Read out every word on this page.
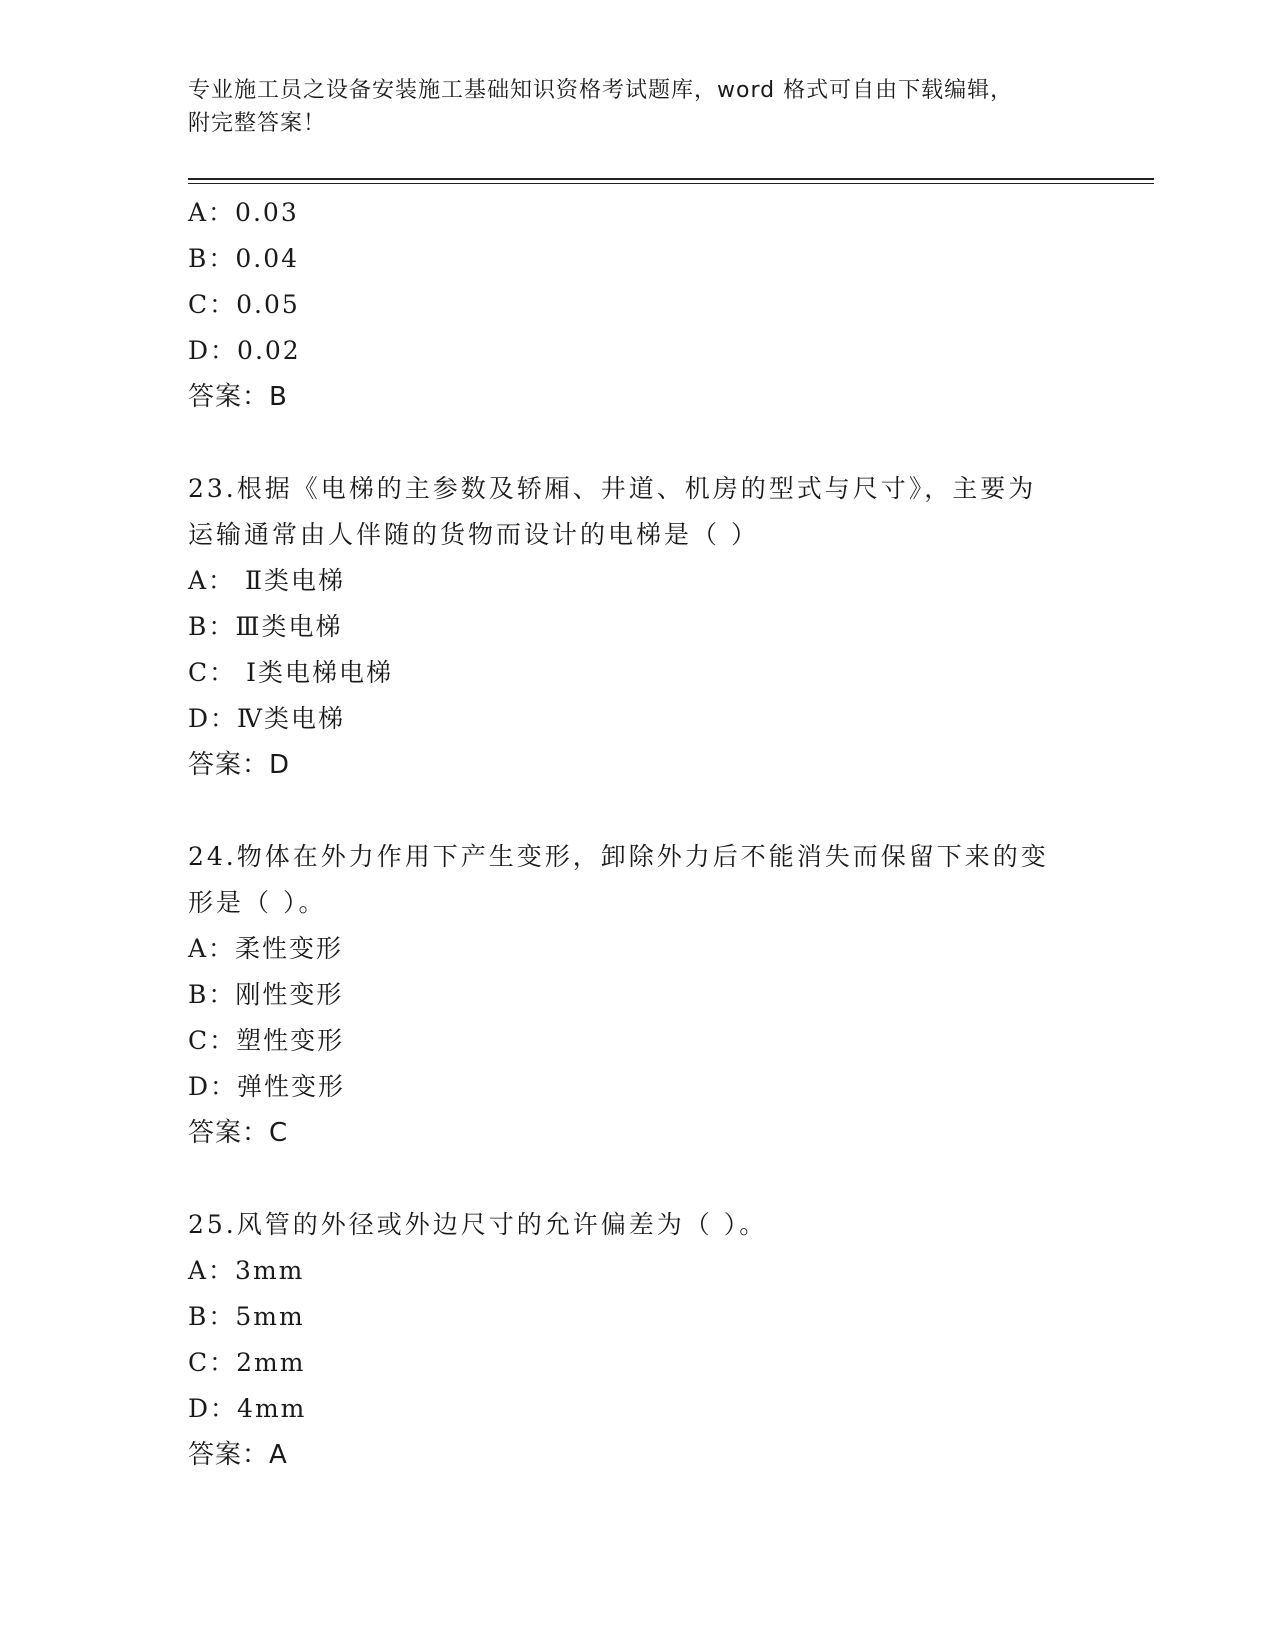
专业施工员之设备安装施工基础知识资格考试题库，word 格式可自由下载编辑，
附完整答案！
A：0.03
B：0.04
C：0.05
D：0.02
答案：B
23.根据《电梯的主参数及轿厢、井道、机房的型式与尺寸》，主要为
运输通常由人伴随的货物而设计的电梯是（ ）
A： Ⅱ类电梯
B：Ⅲ类电梯
C： Ⅰ类电梯电梯
D：Ⅳ类电梯
答案：D
24.物体在外力作用下产生变形，卸除外力后不能消失而保留下来的变
形是（ ）。
A：柔性变形
B：刚性变形
C：塑性变形
D：弹性变形
答案：C
25.风管的外径或外边尺寸的允许偏差为（ ）。
A：3mm
B：5mm
C：2mm
D：4mm
答案：A
